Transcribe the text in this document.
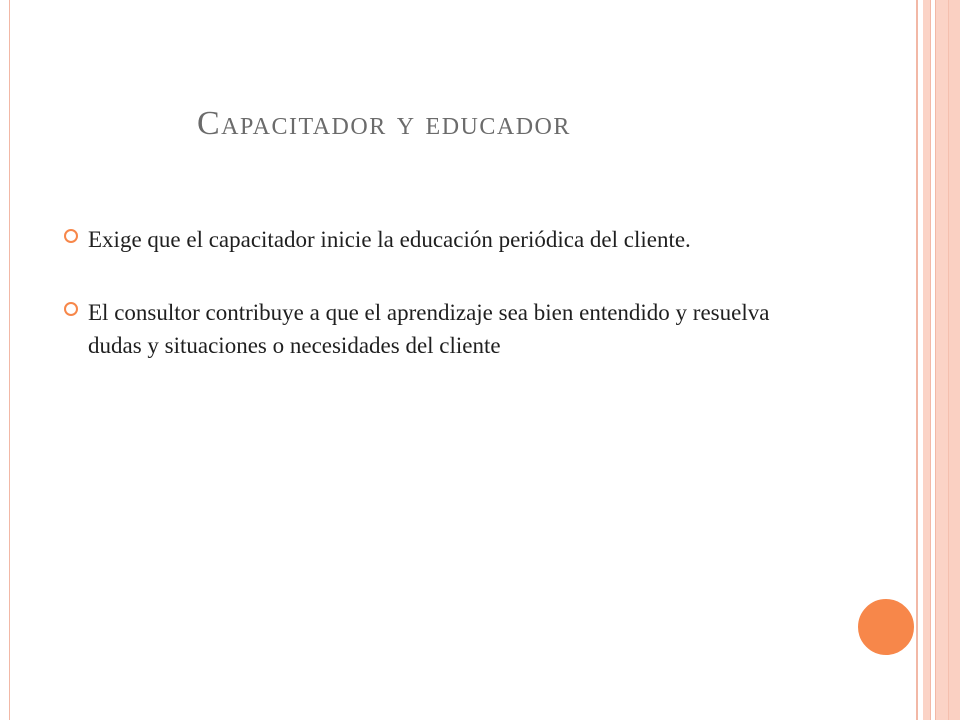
Capacitador y educador
Exige que el capacitador inicie la educación periódica del cliente.
El consultor contribuye a que el aprendizaje sea bien entendido y resuelva dudas y situaciones o necesidades del cliente
